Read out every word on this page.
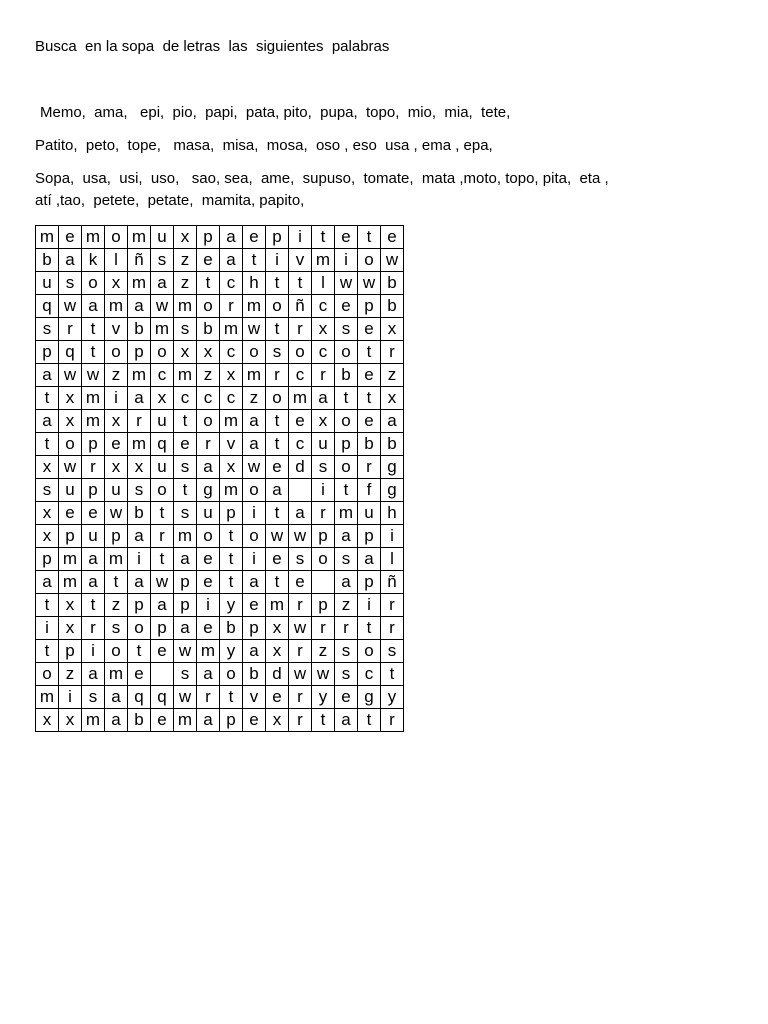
Busca  en la sopa  de letras  las  siguientes  palabras
Memo,  ama,   epi,  pio,  papi,  pata, pito,  pupa,  topo,  mio,  mia,  tete,
Patito,  peto,  tope,   masa,  misa,  mosa,  oso , eso  usa , ema , epa,
Sopa,  usa,  usi,  uso,   sao, sea,  ame,  supuso,  tomate,  mata ,moto, topo, pita,  eta ,
atí ,tao,  petete,  petate,  mamita, papito,
m	e	m	o	m	u	x	p	a	e	p	i	t	e	t	e
b	a	k	l	ñ	s	z	e	a	t	i	v	m	i	o	w
u	s	o	x	m	a	z	t	c	h	t	t	l	w	w	b
q	w	a	m	a	w	m	o	r	m	o	ñ	c	e	p	b
s	r	t	v	b	m	s	b	m	w	t	r	x	s	e	x
p	q	t	o	p	o	x	x	c	o	s	o	c	o	t	r
a	w	w	z	m	c	m	z	x	m	r	c	r	b	e	z
t	x	m	i	a	x	c	c	c	z	o	m	a	t	t	x
a	x	m	x	r	u	t	o	m	a	t	e	x	o	e	a
t	o	p	e	m	q	e	r	v	a	t	c	u	p	b	b
x	w	r	x	x	u	s	a	x	w	e	d	s	o	r	g
s	u	p	u	s	o	t	g	m	o	a		i	t	f	g
x	e	e	w	b	t	s	u	p	i	t	a	r	m	u	h
x	p	u	p	a	r	m	o	t	o	w	w	p	a	p	i
p	m	a	m	i	t	a	e	t	i	e	s	o	s	a	l
a	m	a	t	a	w	p	e	t	a	t	e		a	p	ñ
t	x	t	z	p	a	p	i	y	e	m	r	p	z	i	r
i	x	r	s	o	p	a	e	b	p	x	w	r	r	t	r
t	p	i	o	t	e	w	m	y	a	x	r	z	s	o	s
o	z	a	m	e		s	a	o	b	d	w	w	s	c	t
m	i	s	a	q	q	w	r	t	v	e	r	y	e	g	y
x	x	m	a	b	e	m	a	p	e	x	r	t	a	t	r
